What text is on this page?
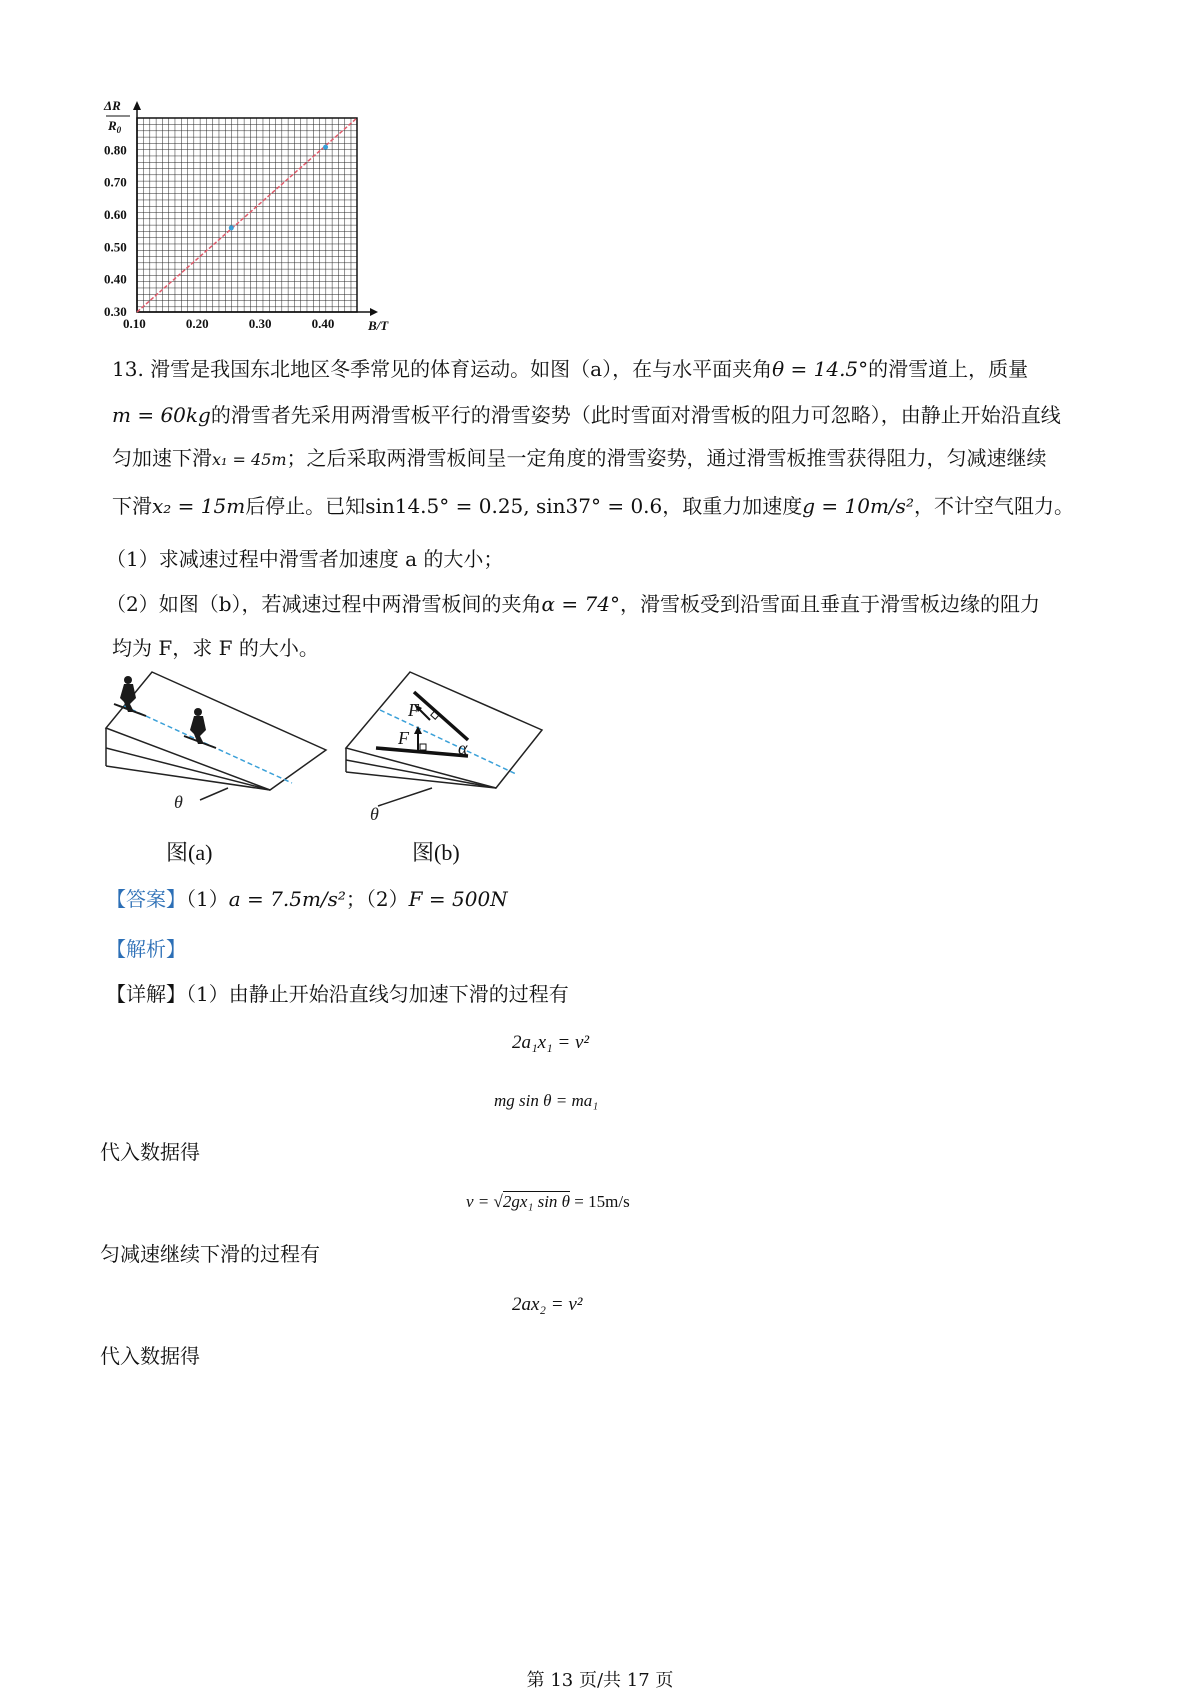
0.30
0.40
0.50
0.60
0.70
0.80
0.10	0.20	0.30	0.40
ΔR
$R_0$
B/T
13. 滑雪是我国东北地区冬季常见的体育运动。如图（a），在与水平面夹角θ = 14.5°的滑雪道上，质量
m = 60kg的滑雪者先采用两滑雪板平行的滑雪姿势（此时雪面对滑雪板的阻力可忽略），由静止开始沿直线
匀加速下滑x₁ = 45m；之后采取两滑雪板间呈一定角度的滑雪姿势，通过滑雪板推雪获得阻力，匀减速继续
下滑x₂ = 15m后停止。已知sin14.5° = 0.25, sin37° = 0.6，取重力加速度g = 10m/s²，不计空气阻力。
（1）求减速过程中滑雪者加速度 a 的大小；
（2）如图（b），若减速过程中两滑雪板间的夹角α = 74°，滑雪板受到沿雪面且垂直于滑雪板边缘的阻力
均为 F，求 F 的大小。
θ
图(a)
F
F	α
θ
图(b)
【答案】（1）a = 7.5m/s²；（2）F = 500N
【解析】
【详解】（1）由静止开始沿直线匀加速下滑的过程有
2a₁x₁ = v²
mg sin θ = ma₁
代入数据得
v = √2gx₁ sin θ = 15m/s
匀减速继续下滑的过程有
2ax₂ = v²
代入数据得
第 13 页/共 17 页
